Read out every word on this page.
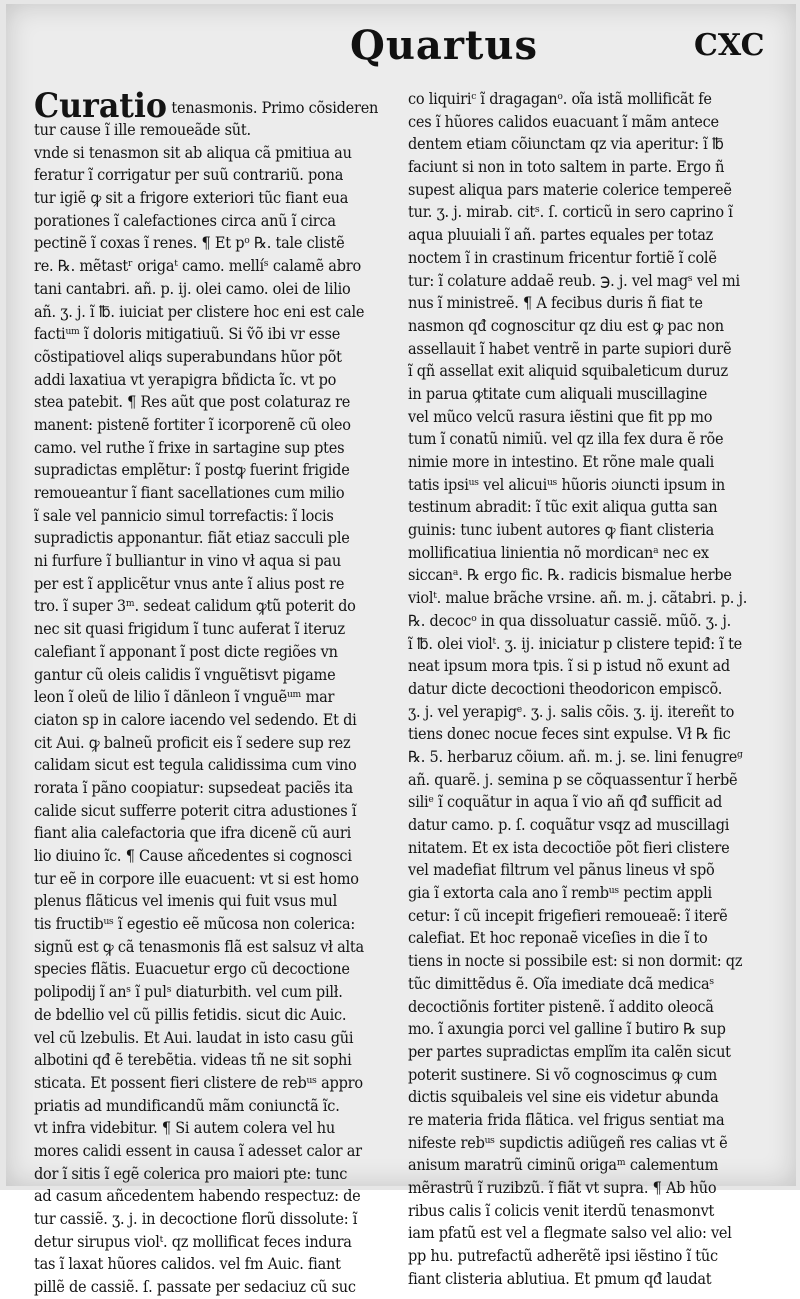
Quartus	CXC
Curatio tenasmonis. Primo cõsideren
tur cause ĩ ille remoueãde sũt.
vnde si tenasmon sit ab aliqua cã pmitiua au
feratur ĩ corrigatur per suũ contrariũ. pona
tur igiẽ ꝙ sit a frigore exteriori tũc fiant eua
porationes ĩ calefactiones circa anũ ĩ circa
pectinẽ ĩ coxas ĩ renes. ¶ Et pᵒ ℞. tale clistẽ
re. ℞. mẽtastʳ origaᵗ camo. mellíˢ calamẽ abro
tani cantabri. añ. p. ij. olei camo. olei de lilio
añ. ʒ. j. ĩ ℔. iuiciat per clistere hoc eni est cale
factiᵘᵐ ĩ doloris mitigatiuũ. Si ṽõ ibi vr esse
cõstipatiovel aliqs superabundans hũor põt
addi laxatiua vt yerapigra bñdicta ĩc. vt po
stea patebit. ¶ Res aũt que post colaturaz re
manent: pistenẽ fortiter ĩ icorporenẽ cũ oleo
camo. vel ruthe ĩ frixe in sartagine sup ptes
supradictas emplẽtur: ĩ postꝙ fuerint frigide
remoueantur ĩ fiant sacellationes cum milio
ĩ sale vel pannicio simul torrefactis: ĩ locis
supradictis apponantur. fiãt etiaz sacculi ple
ni furfure ĩ bulliantur in vino vł aqua si pau
per est ĩ applicẽtur vnus ante ĩ alius post re
tro. ĩ super 3ᵐ. sedeat calidum ꝙtũ poterit do
nec sit quasi frigidum ĩ tunc auferat ĩ iteruz
calefiant ĩ apponant ĩ post dicte regiões vn
gantur cũ oleis calidis ĩ vnguẽtisvt pigame
leon ĩ oleũ de lilio ĩ dãnleon ĩ vnguẽᵘᵐ mar
ciaton sp in calore iacendo vel sedendo. Et di
cit Aui. ꝙ balneũ proficit eis ĩ sedere sup rez
calidam sicut est tegula calidissima cum vino
rorata ĩ pãno coopiatur: supsedeat paciẽs ita
calide sicut sufferre poterit citra adustiones ĩ
fiant alia calefactoria que ifra dicenẽ cũ auri
lio diuino ĩc. ¶ Cause añcedentes si cognosci
tur eẽ in corpore ille euacuent: vt si est homo
plenus flãticus vel imenis qui fuit vsus mul
tis fructibᵘˢ ĩ egestio eẽ mũcosa non colerica:
signũ est ꝙ cã tenasmonis flã est salsuz vł alta
species flãtis. Euacuetur ergo cũ decoctione
polipodij ĩ anˢ ĩ pulˢ diaturbith. vel cum pilł.
de bdellio vel cũ pillis fetidis. sicut dic Auic.
vel cũ lzebulis. Et Aui. laudat in isto casu gũi
albotini qđ ẽ terebẽtia. videas tñ ne sit sophi
sticata. Et possent fieri clistere de rebᵘˢ appro
priatis ad mundificandũ mãm coniunctã ĩc.
vt infra videbitur. ¶ Si autem colera vel hu
mores calidi essent in causa ĩ adesset calor ar
dor ĩ sitis ĩ egẽ colerica pro maiori pte: tunc
ad casum añcedentem habendo respectuz: de
tur cassiẽ. ʒ. j. in decoctione florũ dissolute: ĩ
detur sirupus violᵗ. qz mollificat feces indura
tas ĩ laxat hũores calidos. vel fm Auic. fiant
pillẽ de cassiẽ. ſ. passate per sedaciuz cũ suc
co liquiriᶜ ĩ dragaganᵒ. oĩa istã mollificãt fe
ces ĩ hũores calidos euacuant ĩ mãm antece
dentem etiam cõiunctam qz via aperitur: ĩ ℔
faciunt si non in toto saltem in parte. Ergo ñ
supest aliqua pars materie colerice tempereẽ
tur. ʒ. j. mirab. citˢ. ſ. corticũ in sero caprino ĩ
aqua pluuiali ĩ añ. partes equales per totaz
noctem ĩ in crastinum fricentur fortiẽ ĩ colẽ
tur: ĩ colature addaẽ reub. ℈. j. vel magˢ vel mi
nus ĩ ministreẽ. ¶ A fecibus duris ñ fiat te
nasmon qđ cognoscitur qz diu est ꝙ pac non
assellauit ĩ habet ventrẽ in parte supiori durẽ
ĩ qñ assellat exit aliquid squibaleticum duruz
in parua ꝙtitate cum aliquali muscillagine
vel mũco velcũ rasura iẽstini que fit pp mo
tum ĩ conatũ nimiũ. vel qz illa fex dura ẽ rõe
nimie more in intestino. Et rõne male quali
tatis ipsiᵘˢ vel alicuiᵘˢ hũoris ɔiuncti ipsum in
testinum abradit: ĩ tũc exit aliqua gutta san
guinis: tunc iubent autores ꝙ fiant clisteria
mollificatiua linientia nõ mordicanᵃ nec ex
siccanᵃ. ℞ ergo fic. ℞. radicis bismalue herbe
violᵗ. malue brãche vrsine. añ. m. j. cãtabri. p. j.
℞. decocᵒ in qua dissoluatur cassiẽ. mũõ. ʒ. j.
ĩ ℔. olei violᵗ. ʒ. ij. iniciatur p clistere tepiđ: ĩ te
neat ipsum mora tpis. ĩ si p istud nõ exunt ad
datur dicte decoctioni theodoricon empiscõ.
ʒ. j. vel yerapigᵉ. ʒ. j. salis cõis. ʒ. ij. itereñt to
tiens donec nocue feces sint expulse. Vł ℞ fic
℞. 5. herbaruz cõium. añ. m. j. se. lini fenugreᵍ
añ. quarẽ. j. semina p se cõquassentur ĩ herbẽ
siliᵉ ĩ coquãtur in aqua ĩ vio añ qđ sufficit ad
datur camo. p. ſ. coquãtur vsqz ad muscillagi
nitatem. Et ex ista decoctiõe põt fieri clistere
vel madefiat filtrum vel pãnus lineus vł spõ
gia ĩ extorta cala ano ĩ rembᵘˢ pectim appli
cetur: ĩ cũ incepit frigefieri remoueaẽ: ĩ iterẽ
calefiat. Et hoc reponaẽ viceſies in die ĩ to
tiens in nocte si possibile est: si non dormit: qz
tũc dimittẽdus ẽ. Oĩa imediate dcã medicaˢ
decoctiõnis fortiter pistenẽ. ĩ addito oleocã
mo. ĩ axungia porci vel galline ĩ butiro ℞ sup
per partes supradictas emplĩm ita calẽn sicut
poterit sustinere. Si võ cognoscimus ꝙ cum
dictis squibaleis vel sine eis videtur abunda
re materia frida flãtica. vel frigus sentiat ma
nifeste rebᵘˢ supdictis adiũgeñ res calias vt ẽ
anisum maratrũ ciminũ origaᵐ calementum
mẽrastrũ ĩ ruzibzũ. ĩ fiãt vt supra. ¶ Ab hũo
ribus calis ĩ colicis venit iterdũ tenasmonvt
iam pfatũ est vel a flegmate salso vel alio: vel
pp hu. putrefactũ adherẽtẽ ipsi iẽstino ĩ tũc
fiant clisteria ablutiua. Et pmum qđ laudat
